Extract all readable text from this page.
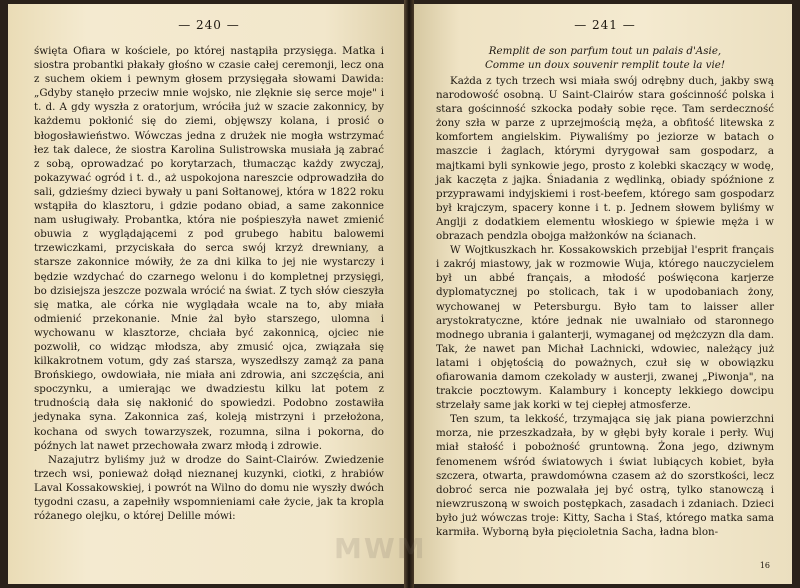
— 240 —

święta Ofiara w kościele, po której nastąpiła przysięga. Matka i siostra probantki płakały głośno w czasie całej ceremonji, lecz ona z suchem okiem i pewnym głosem przysięgała słowami Dawida: „Gdyby stanęło przeciw mnie wojsko, nie zlęknie się serce moje" i t. d. A gdy wyszła z oratorjum, wróciła już w szacie zakonnicy, by każdemu pokłonić się do ziemi, objęwszy kolana, i prosić o błogosławieństwo. Wówczas jedna z drużek nie mogła wstrzymać łez tak dalece, że siostra Karolina Sulistrowska musiała ją zabrać z sobą, oprowadzać po korytarzach, tłumacząc każdy zwyczaj, pokazywać ogród i t. d., aż uspokojona nareszcie odprowadziła do sali, gdzieśmy dzieci bywały u pani Sołtanowej, która w 1822 roku wstąpiła do klasztoru, i gdzie podano obiad, a same zakonnice nam usługiwały. Probantka, która nie pośpieszyła nawet zmienić obuwia z wyglądającemi z pod grubego habitu balowemi trzewiczkami, przyciskała do serca swój krzyż drewniany, a starsze zakonnice mówiły, że za dni kilka to jej nie wystarczy i będzie wzdychać do czarnego welonu i do kompletnej przysięgi, bo dzisiejsza jeszcze pozwala wrócić na świat. Z tych słów cieszyła się matka, ale córka nie wyglądała wcale na to, aby miała odmienić przekonanie. Mnie żal było starszego, ulomna i wychowanu w klasztorze, chciała być zakonnicą, ojciec nie pozwolił, co widząc młodsza, aby zmusić ojca, związała się kilkakrotnem votum, gdy zaś starsza, wyszedłszy zamąż za pana Brońskiego, owdowiała, nie miała ani zdrowia, ani szczęścia, ani spoczynku, a umierając we dwadziestu kilku lat potem z trudnością dała się nakłonić do spowiedzi. Podobno zostawiła jedynaka syna. Zakonnica zaś, koleją mistrzyni i przełożona, kochana od swych towarzyszek, rozumna, silna i pokorna, do późnych lat nawet przechowała zwarz młodą i zdrowie.

Nazajutrz byliśmy już w drodze do Saint-Clairów. Zwiedzenie trzech wsi, ponieważ dołąd nieznanej kuzynki, ciotki, z hrabiów Laval Kossakowskiej, i powrót na Wilno do domu nie wyszły dwóch tygodni czasu, a zapełniły wspomnieniami całe życie, jak ta kropla różanego olejku, o której Delille mówi:

— 241 —
Remplit de son parfum tout un palais d'Asie,
Comme un doux souvenir remplit toute la vie!

Każda z tych trzech wsi miała swój odrębny duch, jakby swą narodowość osobną. U Saint-Clairów stara gościnność polska i stara gościnność szkocka podały sobie ręce. Tam serdeczność żony szła w parze z uprzejmością męża, a obfitość litewska z komfortem angielskim. Piywaliśmy po jeziorze w batach o maszcie i żaglach, którymi dyrygował sam gospodarz, a majtkami byli synkowie jego, prosto z kolebki skaczący w wodę, jak kaczęta z jajka. Śniadania z wędlinką, obiady spóźnione z przyprawami indyjskiemi i rost-beefem, którego sam gospodarz był krajczym, spacery konne i t. p. Jednem słowem byliśmy w Anglji z dodatkiem elementu włoskiego w śpiewie męża i w obrazach pendzla obojga małżonków na ścianach.

W Wojtkuszkach hr. Kossakowskich przebijał l'esprit français i zakrój miastowy, jak w rozmowie Wuja, którego nauczycielem był un abbé français, a młodość poświęcona karjerze dyplomatycznej po stolicach, tak i w upodobaniach żony, wychowanej w Petersburgu. Było tam to laisser aller arystokratyczne, które jednak nie uwalniało od staronnego modnego ubrania i galanterji, wymaganej od mężczyzn dla dam. Tak, że nawet pan Michał Lachnicki, wdowiec, należący już latami i objętością do poważnych, czuł się w obowiązku ofiarowania damom czekolady w austerji, zwanej „Piwonja", na trakcie pocztowym. Kalambury i koncepty lekkiego dowcipu strzelały same jak korki w tej ciepłej atmosferze.

Ten szum, ta lekkość, trzymająca się jak piana powierzchni morza, nie przeszkadzała, by w głębi były korale i perły. Wuj miał stałość i pobożność gruntowną. Żona jego, dziwnym fenomenem wśród światowych i świat lubiących kobiet, była szczera, otwarta, prawdomówna czasem aż do szorstkości, lecz dobroć serca nie pozwalała jej być ostrą, tylko stanowczą i niewzruszoną w swoich postępkach, zasadach i zdaniach. Dzieci było już wówczas troje: Kitty, Sacha i Staś, którego matka sama karmiła. Wyborną była pięcioletnia Sacha, ładna blon-

16
MWM
